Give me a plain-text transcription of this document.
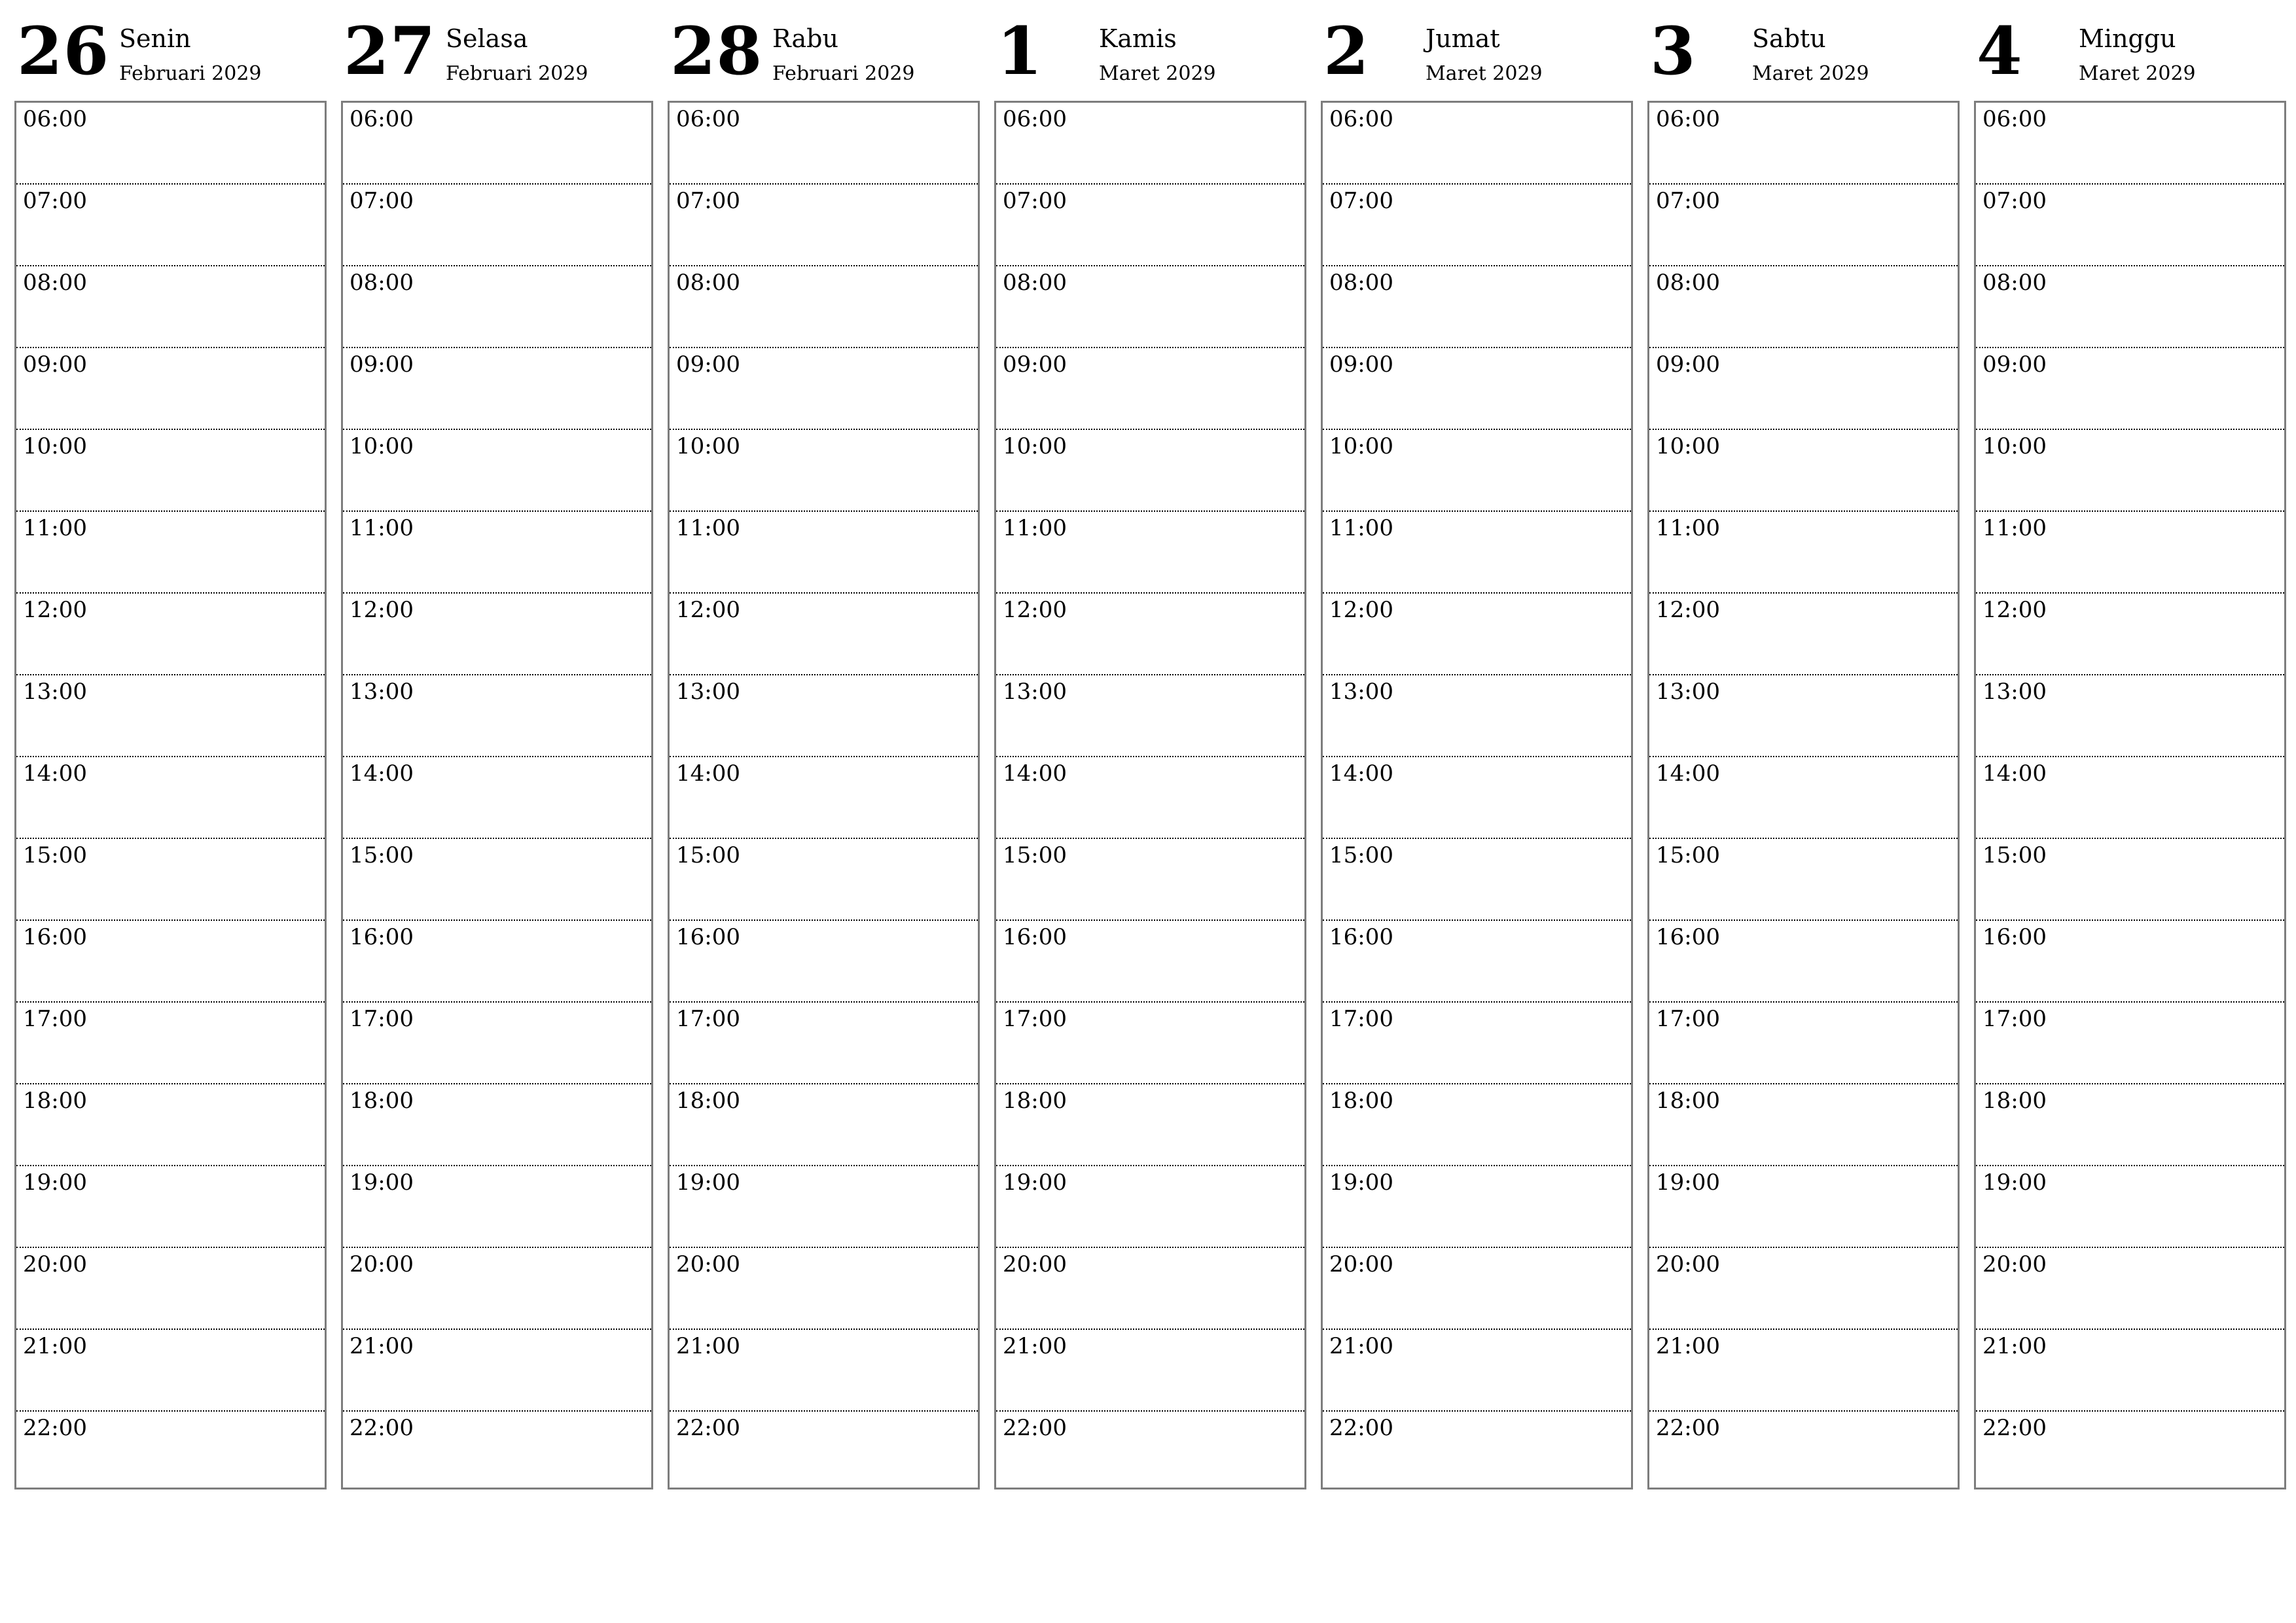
26 Senin
Februari 2029
06:00
07:00
08:00
09:00
10:00
11:00
12:00
13:00
14:00
15:00
16:00
17:00
18:00
19:00
20:00
21:00
22:00
27 Selasa
Februari 2029
06:00
07:00
08:00
09:00
10:00
11:00
12:00
13:00
14:00
15:00
16:00
17:00
18:00
19:00
20:00
21:00
22:00
28 Rabu
Februari 2029
06:00
07:00
08:00
09:00
10:00
11:00
12:00
13:00
14:00
15:00
16:00
17:00
18:00
19:00
20:00
21:00
22:00
1 Kamis
Maret 2029
06:00
07:00
08:00
09:00
10:00
11:00
12:00
13:00
14:00
15:00
16:00
17:00
18:00
19:00
20:00
21:00
22:00
2 Jumat
Maret 2029
06:00
07:00
08:00
09:00
10:00
11:00
12:00
13:00
14:00
15:00
16:00
17:00
18:00
19:00
20:00
21:00
22:00
3 Sabtu
Maret 2029
06:00
07:00
08:00
09:00
10:00
11:00
12:00
13:00
14:00
15:00
16:00
17:00
18:00
19:00
20:00
21:00
22:00
4 Minggu
Maret 2029
06:00
07:00
08:00
09:00
10:00
11:00
12:00
13:00
14:00
15:00
16:00
17:00
18:00
19:00
20:00
21:00
22:00
